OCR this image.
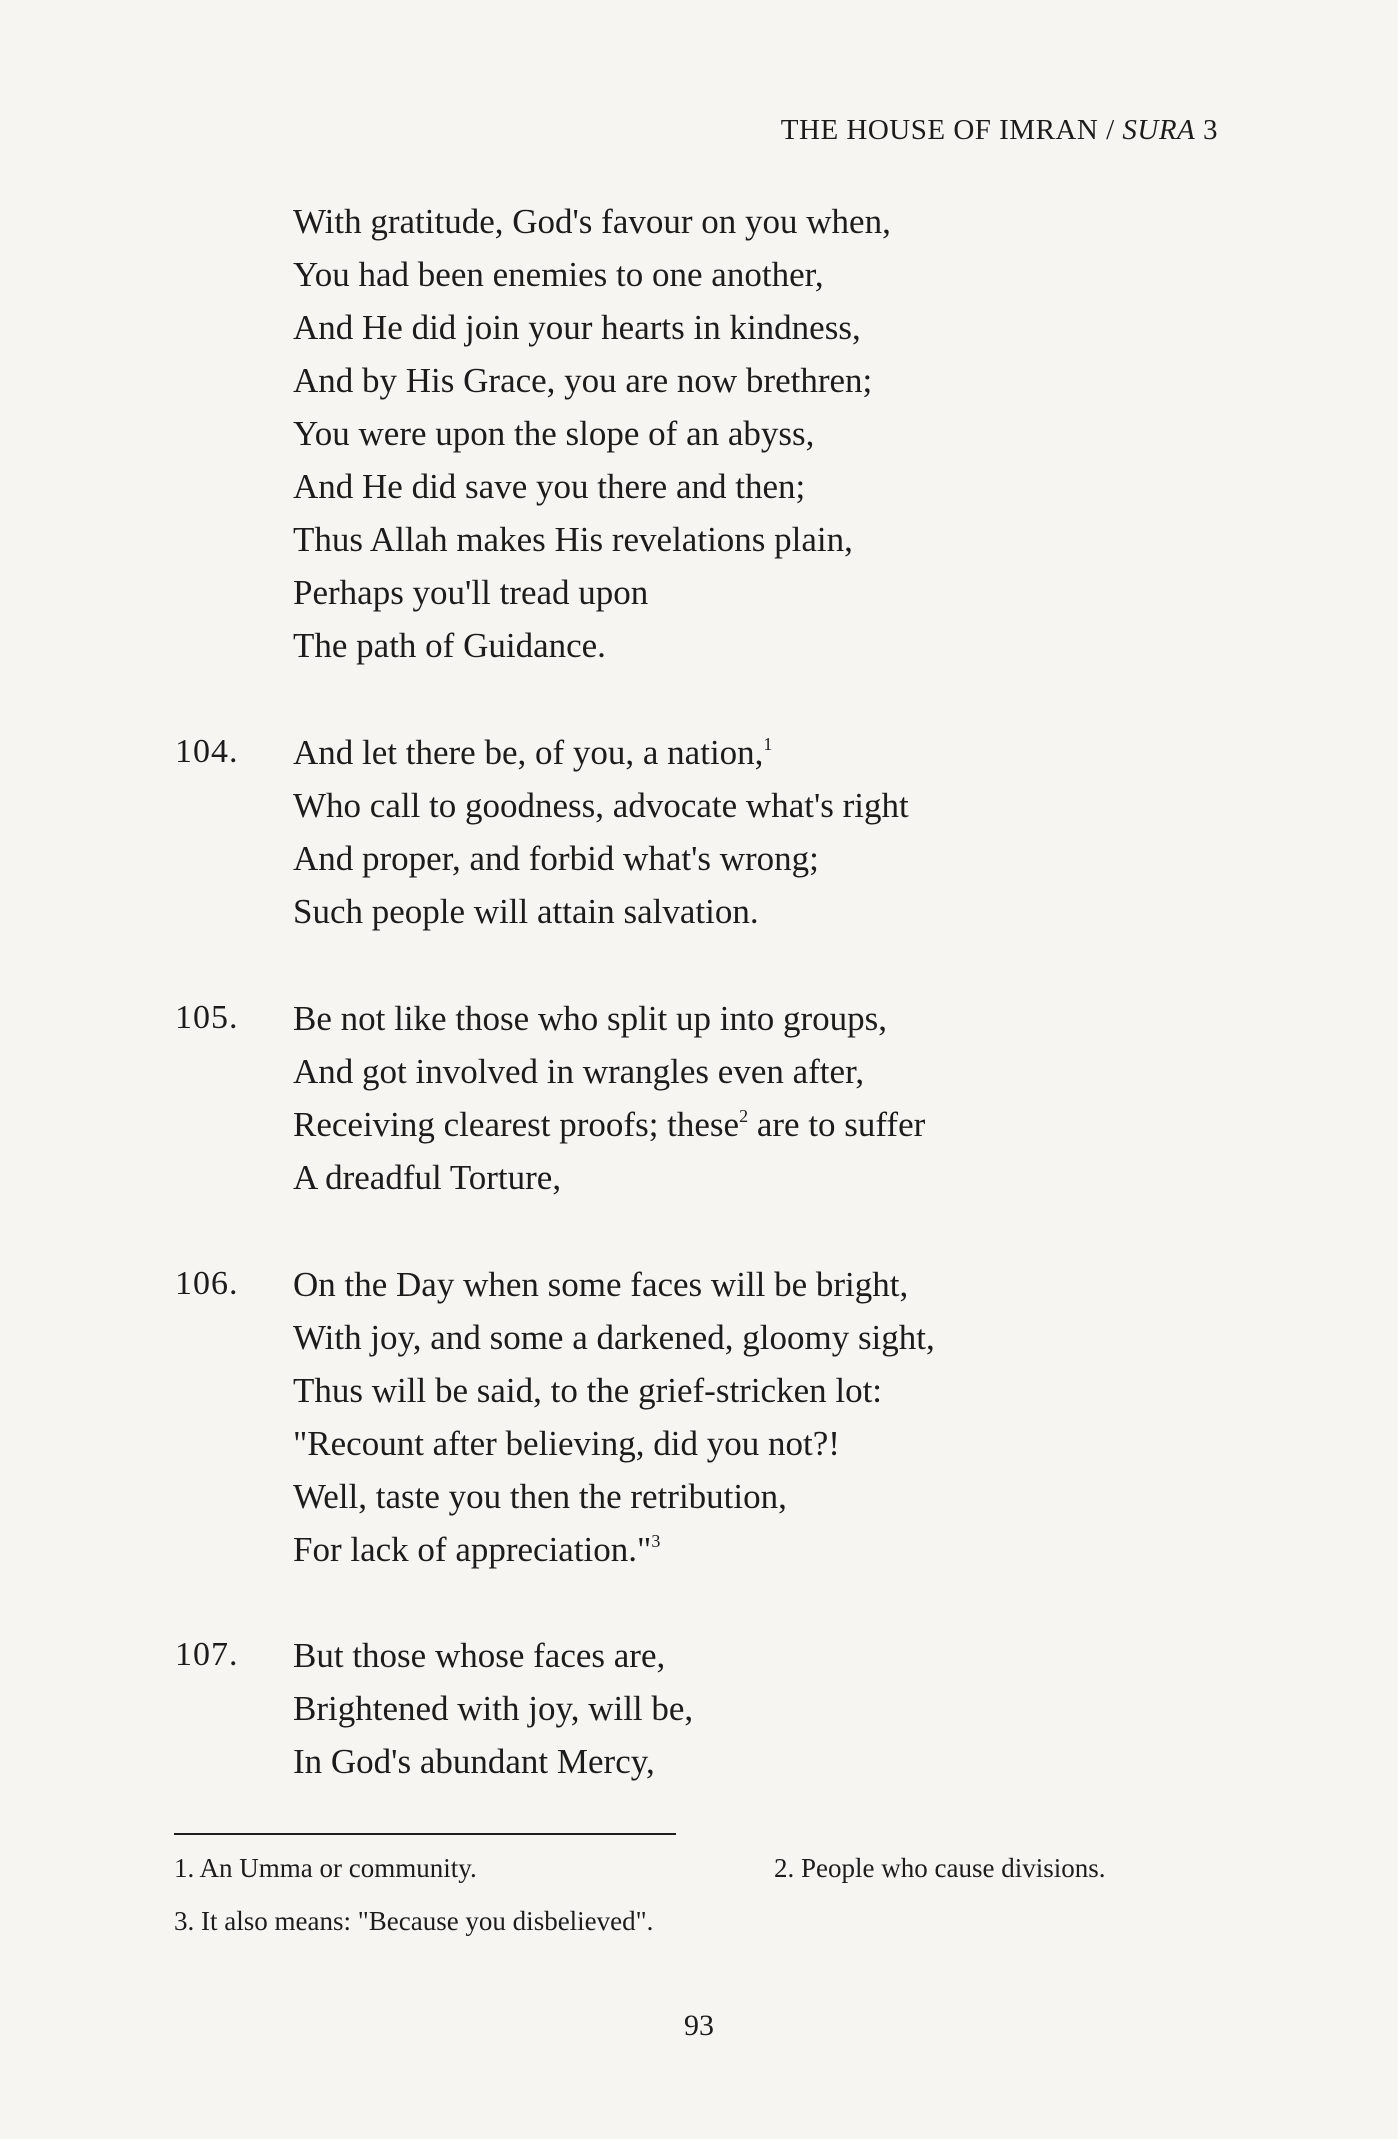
THE HOUSE OF IMRAN / SURA 3
With gratitude, God's favour on you when,
You had been enemies to one another,
And He did join your hearts in kindness,
And by His Grace, you are now brethren;
You were upon the slope of an abyss,
And He did save you there and then;
Thus Allah makes His revelations plain,
Perhaps you'll tread upon
The path of Guidance.
104. And let there be, of you, a nation,$^1$
Who call to goodness, advocate what's right
And proper, and forbid what's wrong;
Such people will attain salvation.
105. Be not like those who split up into groups,
And got involved in wrangles even after,
Receiving clearest proofs; these$^2$ are to suffer
A dreadful Torture,
106. On the Day when some faces will be bright,
With joy, and some a darkened, gloomy sight,
Thus will be said, to the grief-stricken lot:
"Recount after believing, did you not?!
Well, taste you then the retribution,
For lack of appreciation."$^3$
107. But those whose faces are,
Brightened with joy, will be,
In God's abundant Mercy,
1. An Umma or community.	2. People who cause divisions.
3. It also means: "Because you disbelieved".
93
